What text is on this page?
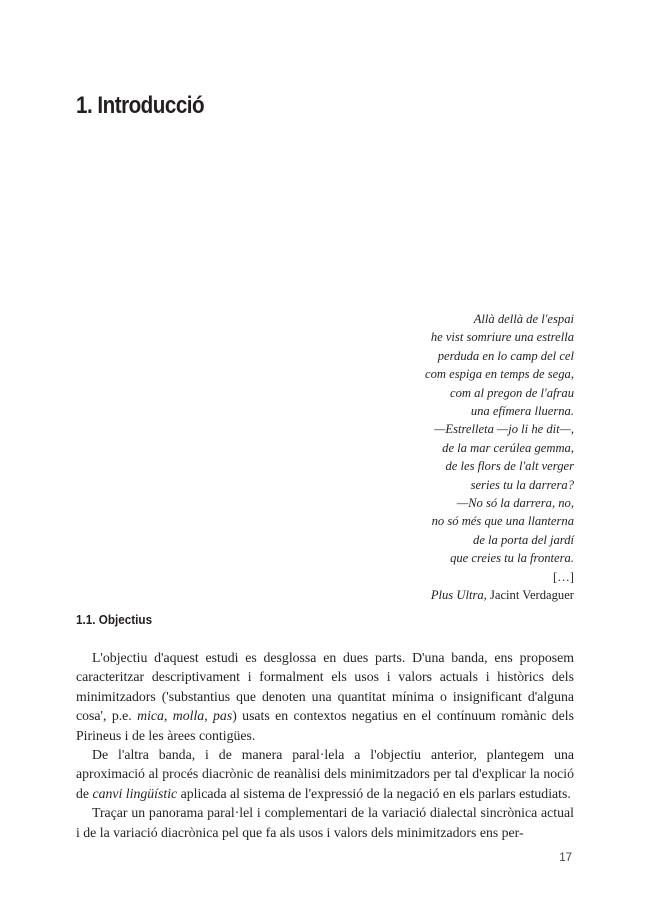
1. Introducció
Allà dellà de l'espai
he vist somriure una estrella
perduda en lo camp del cel
com espiga en temps de sega,
com al pregon de l'afrau
una efímera lluerna.
—Estrelleta —jo li he dit—,
de la mar cerúlea gemma,
de les flors de l'alt verger
series tu la darrera?
—No só la darrera, no,
no só més que una llanterna
de la porta del jardí
que creies tu la frontera.
[…]
Plus Ultra, Jacint Verdaguer
1.1. Objectius

L'objectiu d'aquest estudi es desglossa en dues parts. D'una banda, ens proposem caracteritzar descriptivament i formalment els usos i valors actuals i històrics dels minimitzadors ('substantius que denoten una quantitat mínima o insignificant d'alguna cosa', p.e. mica, molla, pas) usats en contextos negatius en el contínuum romànic dels Pirineus i de les àrees contigües.

De l'altra banda, i de manera paral·lela a l'objectiu anterior, plantegem una aproximació al procés diacrònic de reanàlisi dels minimitzadors per tal d'explicar la noció de canvi lingüístic aplicada al sistema de l'expressió de la negació en els parlars estudiats.

Traçar un panorama paral·lel i complementari de la variació dialectal sincrònica actual i de la variació diacrònica pel que fa als usos i valors dels minimitzadors ens per-

17
